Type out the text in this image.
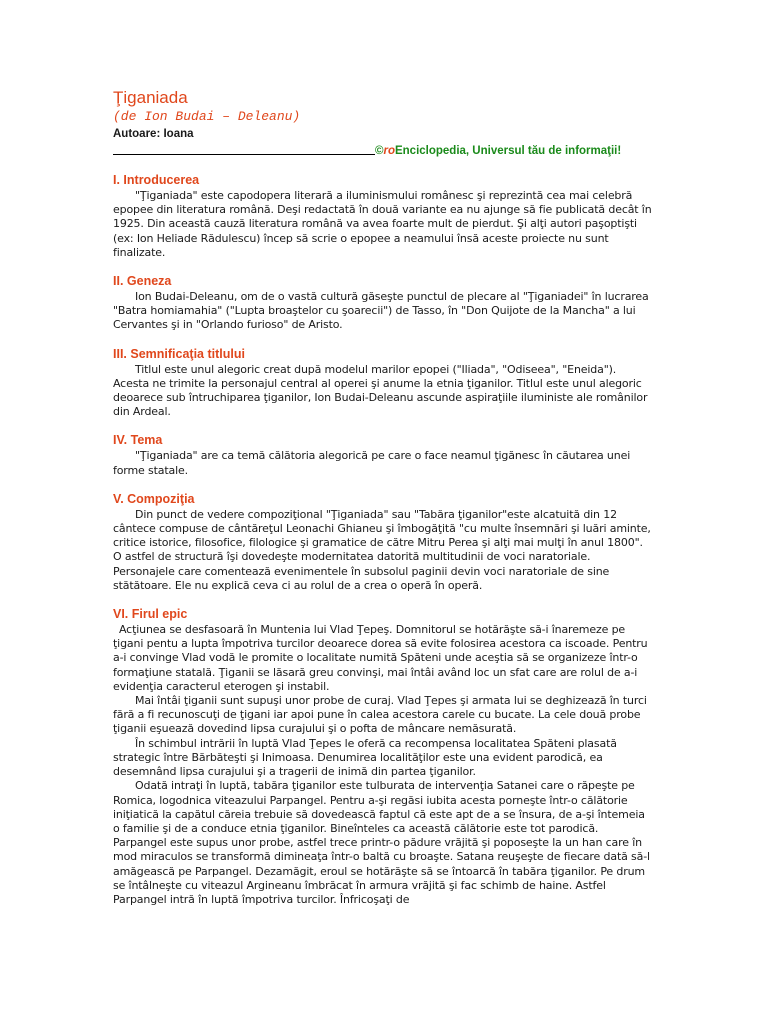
Ţiganiada
(de Ion Budai – Deleanu)
Autoare: Ioana
©roEnciclopedia, Universul tău de informaţii!
I. Introducerea

"Ţiganiada" este capodopera literară a iluminismului românesc şi reprezintă cea mai celebră epopee din literatura română. Deşi redactată în două variante ea nu ajunge să fie publicată decât în 1925. Din această cauză literatura română va avea foarte mult de pierdut. Şi alţi autori paşoptişti (ex: Ion Heliade Rădulescu) încep să scrie o epopee a neamului însă aceste proiecte nu sunt finalizate.

II. Geneza

Ion Budai-Deleanu, om de o vastă cultură găseşte punctul de plecare al "Ţiganiadei" în lucrarea "Batra homiamahia" ("Lupta broaştelor cu şoarecii") de Tasso, în "Don Quijote de la Mancha" a lui Cervantes şi in "Orlando furioso" de Aristo.

III. Semnificaţia titlului

Titlul este unul alegoric creat după modelul marilor epopei ("Iliada", "Odiseea", "Eneida"). Acesta ne trimite la personajul central al operei şi anume la etnia ţiganilor. Titlul este unul alegoric deoarece sub întruchiparea ţiganilor, Ion Budai-Deleanu ascunde aspiraţiile iluministe ale românilor din Ardeal.

IV. Tema

"Ţiganiada" are ca temă călătoria alegorică pe care o face neamul ţigănesc în căutarea unei forme statale.

V. Compoziţia

Din punct de vedere compoziţional "Ţiganiada" sau "Tabăra ţiganilor"este alcatuită din 12 cântece compuse de cântăreţul Leonachi Ghianeu şi îmbogăţită "cu multe însemnări şi luări aminte, critice istorice, filosofice, filologice şi gramatice de către Mitru Perea şi alţi mai mulţi în anul 1800". O astfel de structură îşi dovedeşte modernitatea datorită multitudinii de voci naratoriale. Personajele care comentează evenimentele în subsolul paginii devin voci naratoriale de sine stătătoare. Ele nu explică ceva ci au rolul de a crea o operă în operă.

VI. Firul epic

Acţiunea se desfasoară în Muntenia lui Vlad Ţepeş. Domnitorul se hotărăşte să-i înaremeze pe ţigani pentu a lupta împotriva turcilor deoarece dorea să evite folosirea acestora ca iscoade. Pentru a-i convinge Vlad vodă le promite o localitate numită Spăteni unde aceştia să se organizeze într-o formaţiune statală. Ţiganii se lăsară greu convinşi, mai întâi având loc un sfat care are rolul de a-i evidenţia caracterul eterogen şi instabil.

Mai întâi ţiganii sunt supuşi unor probe de curaj. Vlad Ţepes şi armata lui se deghizează în turci fără a fi recunoscuţi de ţigani iar apoi pune în calea acestora carele cu bucate. La cele două probe ţiganii eşuează dovedind lipsa curajului şi o pofta de mâncare nemăsurată.

În schimbul intrării în luptă Vlad Ţepes le oferă ca recompensa localitatea Spăteni plasată strategic între Bărbăteşti şi Inimoasa. Denumirea localităţilor este una evident parodică, ea desemnând lipsa curajului şi a tragerii de inimă din partea ţiganilor.

Odată intraţi în luptă, tabăra ţiganilor este tulburata de intervenţia Satanei care o răpeşte pe Romica, logodnica viteazului Parpangel. Pentru a-şi regăsi iubita acesta porneşte într-o călătorie iniţiatică la capătul căreia trebuie să dovedească faptul că este apt de a se însura, de a-şi întemeia o familie şi de a conduce etnia ţiganilor. Bineînteles ca această călătorie este tot parodică. Parpangel este supus unor probe, astfel trece printr-o pădure vrăjită şi poposeşte la un han care în mod miraculos se transformă dimineaţa într-o baltă cu broaşte. Satana reuşeşte de fiecare dată să-l amăgească pe Parpangel. Dezamăgit, eroul se hotărăşte să se întoarcă în tabăra ţiganilor. Pe drum se întâlneşte cu viteazul Argineanu îmbrăcat în armura vrăjită şi fac schimb de haine. Astfel Parpangel intră în luptă împotriva turcilor. Înfricoşaţi de
